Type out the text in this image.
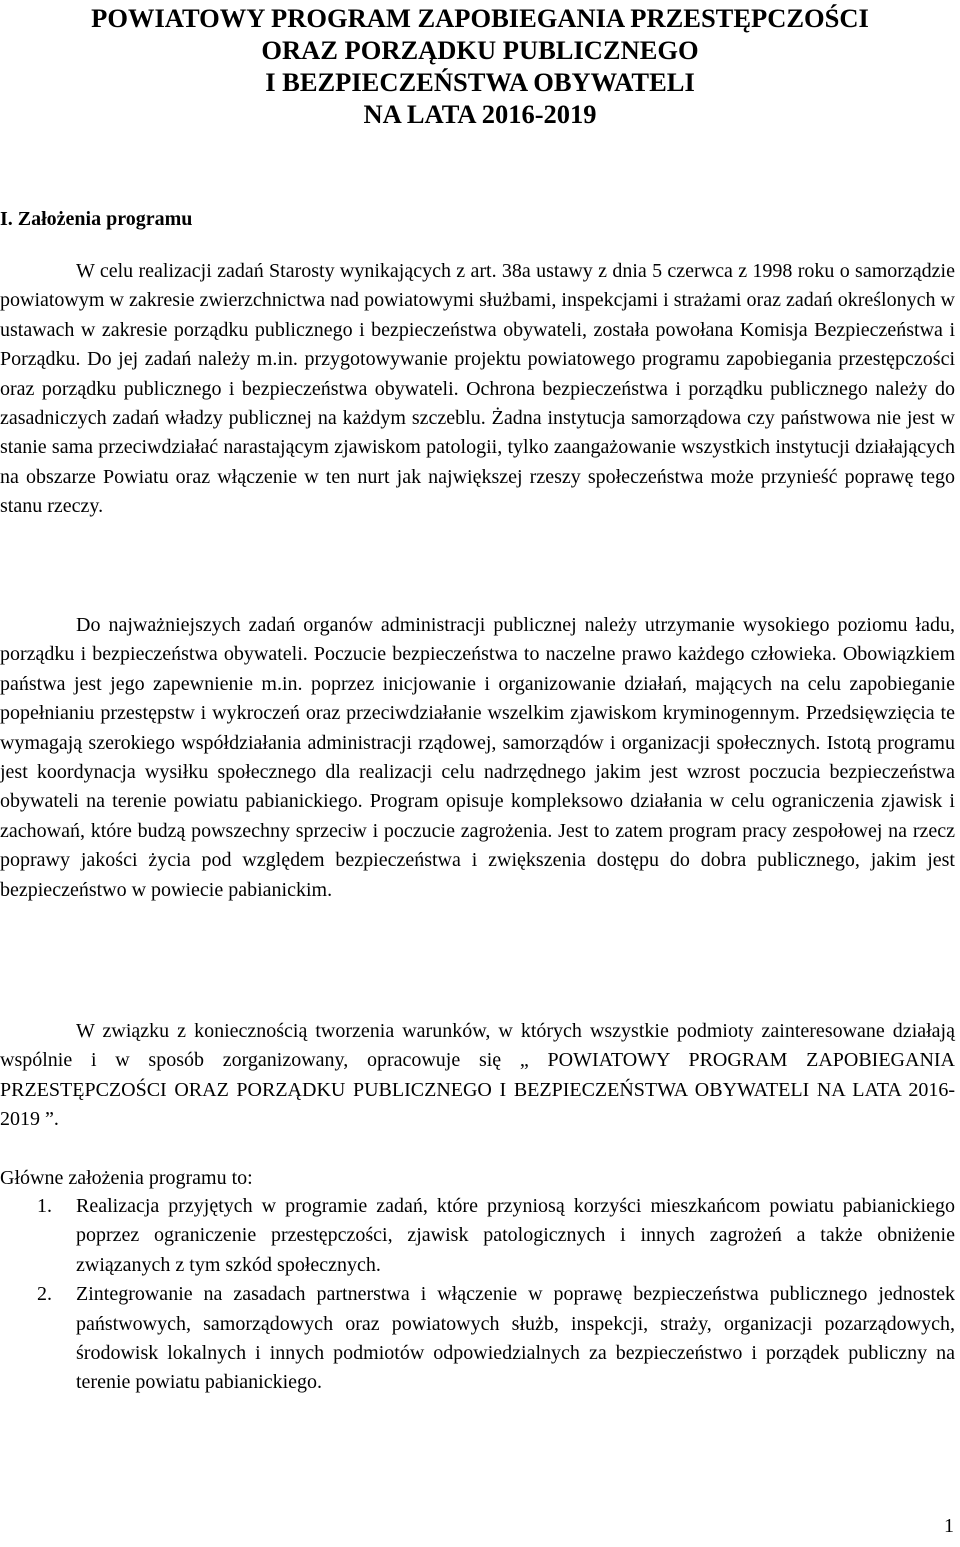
POWIATOWY PROGRAM ZAPOBIEGANIA PRZESTĘPCZOŚCI
ORAZ PORZĄDKU PUBLICZNEGO
I BEZPIECZEŃSTWA OBYWATELI
NA LATA 2016-2019
I. Założenia programu

W celu realizacji zadań Starosty wynikających z art. 38a ustawy z dnia 5 czerwca z 1998 roku o samorządzie powiatowym w zakresie zwierzchnictwa nad powiatowymi służbami, inspekcjami i strażami oraz zadań określonych w ustawach w zakresie porządku publicznego i bezpieczeństwa obywateli, została powołana Komisja Bezpieczeństwa i Porządku. Do jej zadań należy m.in. przygotowywanie projektu powiatowego programu zapobiegania przestępczości oraz porządku publicznego i bezpieczeństwa obywateli. Ochrona bezpieczeństwa i porządku publicznego należy do zasadniczych zadań władzy publicznej na każdym szczeblu. Żadna instytucja samorządowa czy państwowa nie jest w stanie sama przeciwdziałać narastającym zjawiskom patologii, tylko zaangażowanie wszystkich instytucji działających na obszarze Powiatu oraz włączenie w ten nurt jak największej rzeszy społeczeństwa może przynieść poprawę tego stanu rzeczy.

Do najważniejszych zadań organów administracji publicznej należy utrzymanie wysokiego poziomu ładu, porządku i bezpieczeństwa obywateli. Poczucie bezpieczeństwa to naczelne prawo każdego człowieka. Obowiązkiem państwa jest jego zapewnienie m.in. poprzez inicjowanie i organizowanie działań, mających na celu zapobieganie popełnianiu przestępstw i wykroczeń oraz przeciwdziałanie wszelkim zjawiskom kryminogennym. Przedsięwzięcia te wymagają szerokiego współdziałania administracji rządowej, samorządów i organizacji społecznych. Istotą programu jest koordynacja wysiłku społecznego dla realizacji celu nadrzędnego jakim jest wzrost poczucia bezpieczeństwa obywateli na terenie powiatu pabianickiego. Program opisuje kompleksowo działania w celu ograniczenia zjawisk i zachowań, które budzą powszechny sprzeciw i poczucie zagrożenia. Jest to zatem program pracy zespołowej na rzecz poprawy jakości życia pod względem bezpieczeństwa i zwiększenia dostępu do dobra publicznego, jakim jest bezpieczeństwo w powiecie pabianickim.

W związku z koniecznością tworzenia warunków, w których wszystkie podmioty zainteresowane działają wspólnie i w sposób zorganizowany, opracowuje się „ POWIATOWY PROGRAM ZAPOBIEGANIA PRZESTĘPCZOŚCI ORAZ PORZĄDKU PUBLICZNEGO I BEZPIECZEŃSTWA OBYWATELI NA LATA 2016-2019 ”.

Główne założenia programu to:

1. Realizacja przyjętych w programie zadań, które przyniosą korzyści mieszkańcom powiatu pabianickiego poprzez ograniczenie przestępczości, zjawisk patologicznych i innych zagrożeń a także obniżenie związanych z tym szkód społecznych.
2. Zintegrowanie na zasadach partnerstwa i włączenie w poprawę bezpieczeństwa publicznego jednostek państwowych, samorządowych oraz powiatowych służb, inspekcji, straży, organizacji pozarządowych, środowisk lokalnych i innych podmiotów odpowiedzialnych za bezpieczeństwo i porządek publiczny na terenie powiatu pabianickiego.
1
